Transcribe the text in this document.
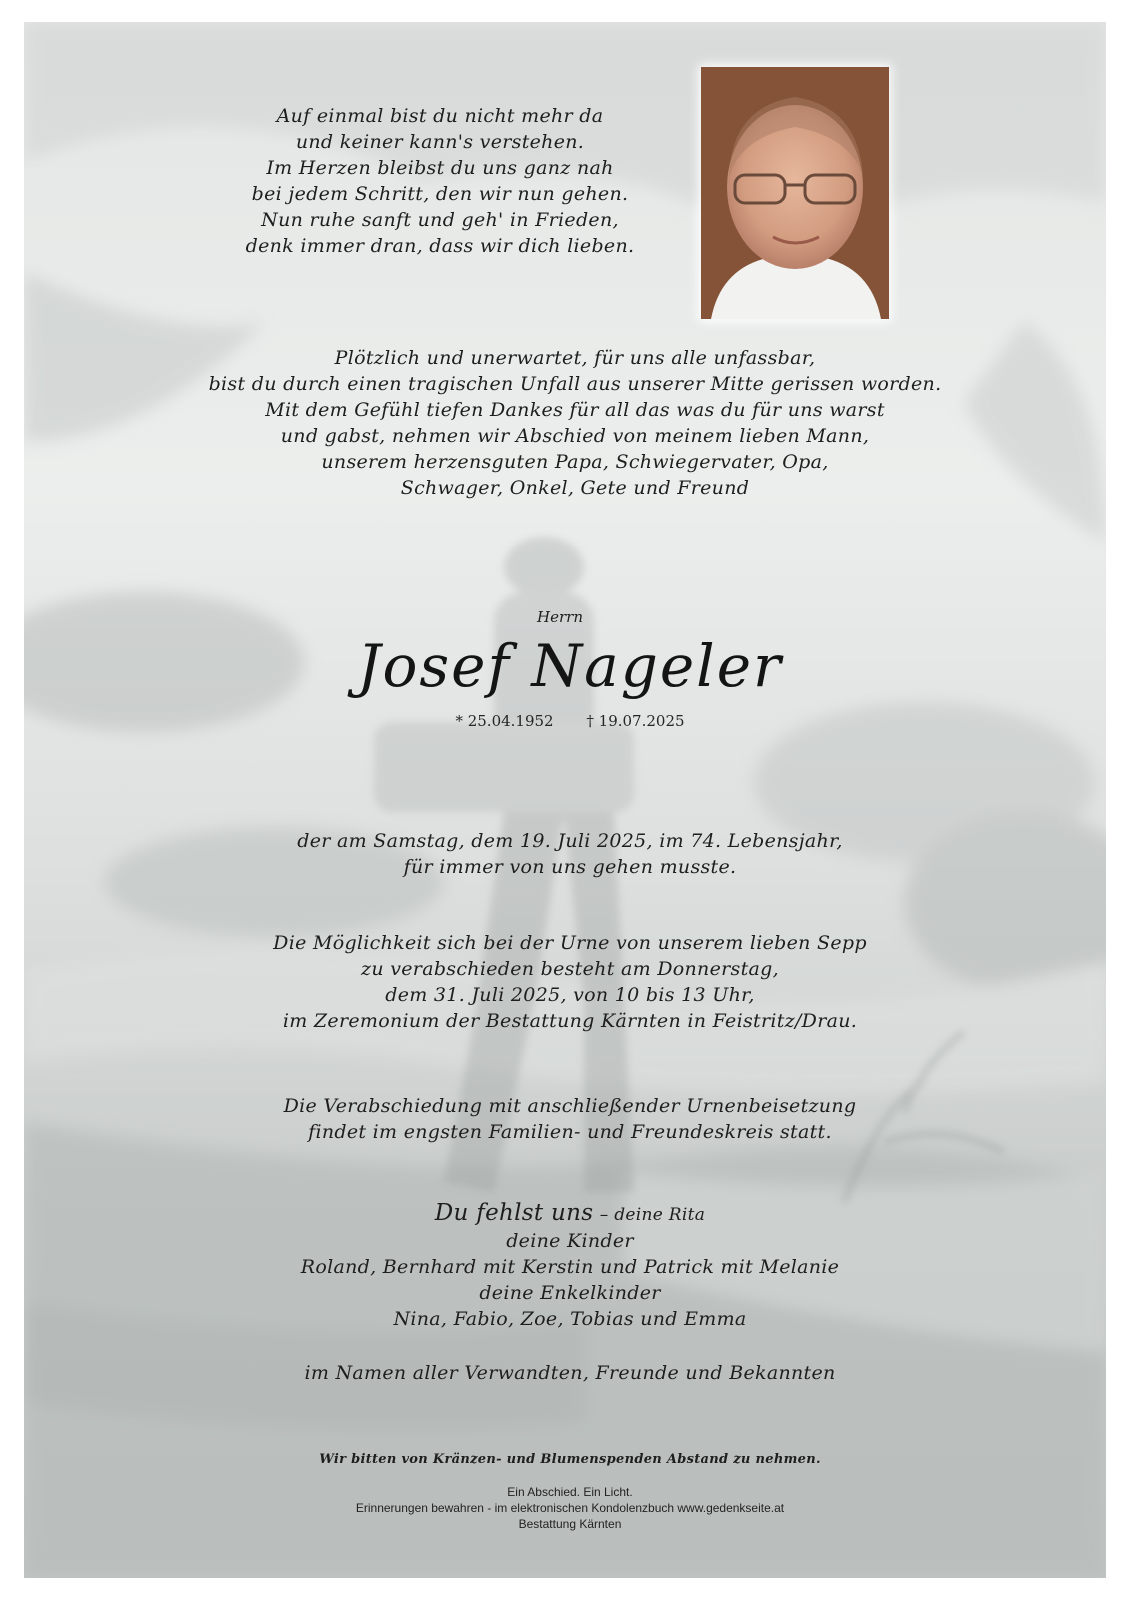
Auf einmal bist du nicht mehr da
und keiner kann's verstehen.
Im Herzen bleibst du uns ganz nah
bei jedem Schritt, den wir nun gehen.
Nun ruhe sanft und geh' in Frieden,
denk immer dran, dass wir dich lieben.
Plötzlich und unerwartet, für uns alle unfassbar,
bist du durch einen tragischen Unfall aus unserer Mitte gerissen worden.
Mit dem Gefühl tiefen Dankes für all das was du für uns warst
und gabst, nehmen wir Abschied von meinem lieben Mann,
unserem herzensguten Papa, Schwiegervater, Opa,
Schwager, Onkel, Gete und Freund
Herrn
Josef Nageler
* 25.04.1952 † 19.07.2025
der am Samstag, dem 19. Juli 2025, im 74. Lebensjahr,
für immer von uns gehen musste.
Die Möglichkeit sich bei der Urne von unserem lieben Sepp
zu verabschieden besteht am Donnerstag,
dem 31. Juli 2025, von 10 bis 13 Uhr,
im Zeremonium der Bestattung Kärnten in Feistritz/Drau.
Die Verabschiedung mit anschließender Urnenbeisetzung
findet im engsten Familien- und Freundeskreis statt.
Du fehlst uns – deine Rita
deine Kinder
Roland, Bernhard mit Kerstin und Patrick mit Melanie
deine Enkelkinder
Nina, Fabio, Zoe, Tobias und Emma
im Namen aller Verwandten, Freunde und Bekannten
Wir bitten von Kränzen- und Blumenspenden Abstand zu nehmen.
Ein Abschied. Ein Licht.
Erinnerungen bewahren - im elektronischen Kondolenzbuch www.gedenkseite.at
Bestattung Kärnten
